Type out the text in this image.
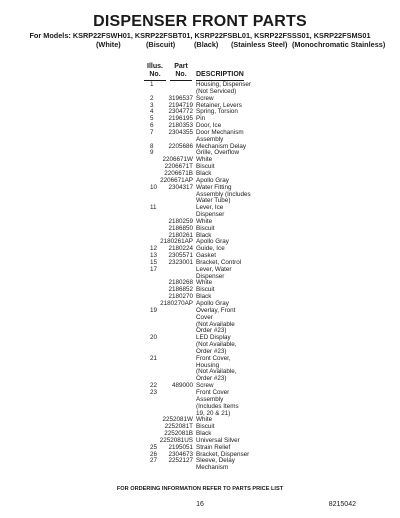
DISPENSER FRONT PARTS
For Models: KSRP22FSWH01, KSRP22FSBT01, KSRP22FSBL01, KSRP22FSSS01, KSRP22FSMS01
(White)	(Biscuit)	(Black) (Stainless Steel) (Monochromatic Stainless)
Illus.
No.
Part
No.	DESCRIPTION
1	Housing, Dispenser
(Not Serviced)
2 3196537 Screw
3 2194719 Retainer, Levers
4 2304772 Spring, Torsion
5 2196195 Pin
6 2180353 Door, Ice
7 2304355 Door Mechanism
Assembly
8 2205686 Mechanism Delay
9	Grille, Overflow
2206671W White
2206671T Biscuit
2206671B Black
2206671AP Apollo Gray
10 2304317 Water Fitting
Assembly (Includes
Water Tube)
11	Lever, Ice
Dispenser
2180259 White
2186850 Biscuit
2180261 Black
2180261AP Apollo Gray
12 2180224 Guide, Ice
13 2305571 Gasket
15 2323001 Bracket, Control
17	Lever, Water
Dispenser
2180268 White
2186852 Biscuit
2180270 Black
2180270AP Apollo Gray
19	Overlay, Front
Cover
(Not Available
Order #23)
20	LED Display
(Not Available,
Order #23)
21	Front Cover,
Housing
(Not Available,
Order #23)
22 489000 Screw
23	Front Cover
Assembly
(Includes Items
19, 20 & 21)
2252081W White
2252081T Biscuit
2252081B Black
2252081US Universal Silver
25 2195051 Strain Relief
26 2304673 Bracket, Dispenser
27 2252127 Sleeve, Delay
Mechanism
FOR ORDERING INFORMATION REFER TO PARTS PRICE LIST
16	8215042
